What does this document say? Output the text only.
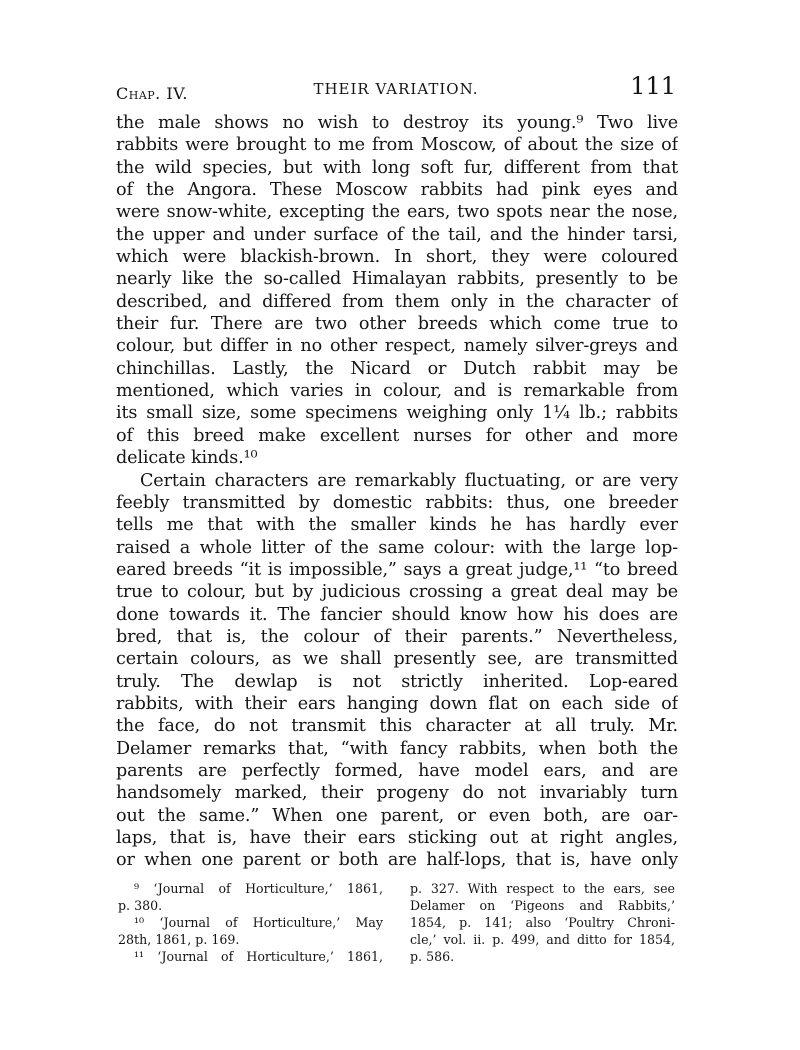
Chap. IV.	THEIR VARIATION.	111
the male shows no wish to destroy its young.⁹ Two live
rabbits were brought to me from Moscow, of about the size of
the wild species, but with long soft fur, different from that
of the Angora. These Moscow rabbits had pink eyes and
were snow-white, excepting the ears, two spots near the nose,
the upper and under surface of the tail, and the hinder tarsi,
which were blackish-brown. In short, they were coloured
nearly like the so-called Himalayan rabbits, presently to be
described, and differed from them only in the character of
their fur. There are two other breeds which come true to
colour, but differ in no other respect, namely silver-greys and
chinchillas. Lastly, the Nicard or Dutch rabbit may be
mentioned, which varies in colour, and is remarkable from
its small size, some specimens weighing only 1¼ lb.; rabbits
of this breed make excellent nurses for other and more
delicate kinds.¹⁰
Certain characters are remarkably fluctuating, or are very
feebly transmitted by domestic rabbits: thus, one breeder
tells me that with the smaller kinds he has hardly ever
raised a whole litter of the same colour: with the large lop-
eared breeds “it is impossible,” says a great judge,¹¹ “to breed
true to colour, but by judicious crossing a great deal may be
done towards it. The fancier should know how his does are
bred, that is, the colour of their parents.” Nevertheless,
certain colours, as we shall presently see, are transmitted
truly. The dewlap is not strictly inherited. Lop-eared
rabbits, with their ears hanging down flat on each side of
the face, do not transmit this character at all truly. Mr.
Delamer remarks that, “with fancy rabbits, when both the
parents are perfectly formed, have model ears, and are
handsomely marked, their progeny do not invariably turn
out the same.” When one parent, or even both, are oar-
laps, that is, have their ears sticking out at right angles,
or when one parent or both are half-lops, that is, have only
⁹ ‘Journal of Horticulture,’ 1861,
p. 380.
¹⁰ ‘Journal of Horticulture,’ May
28th, 1861, p. 169.
¹¹ ‘Journal of Horticulture,’ 1861,
p. 327. With respect to the ears, see
Delamer on ‘Pigeons and Rabbits,’
1854, p. 141; also ‘Poultry Chroni-
cle,’ vol. ii. p. 499, and ditto for 1854,
p. 586.
